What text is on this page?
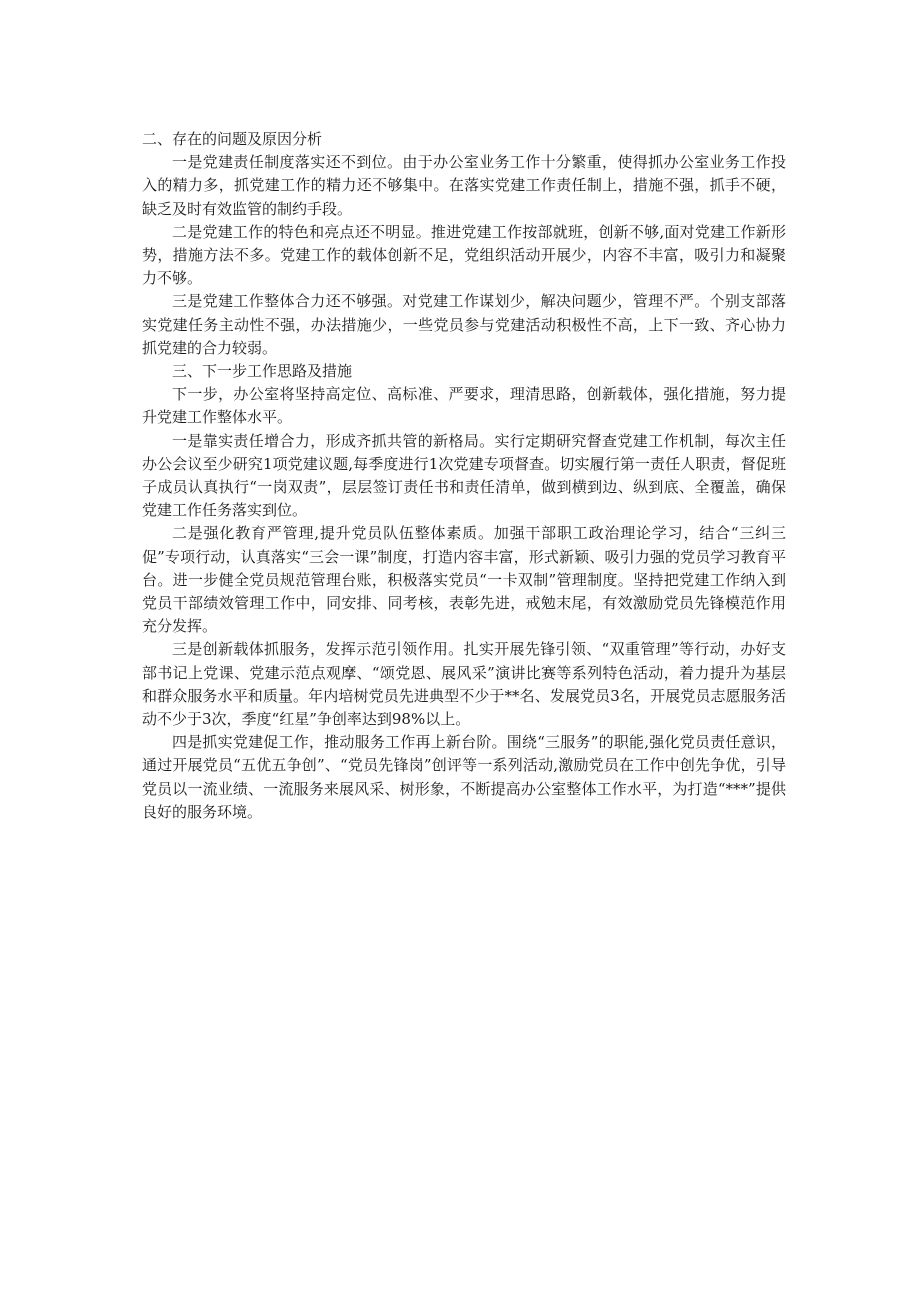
二、存在的问题及原因分析

一是党建责任制度落实还不到位。由于办公室业务工作十分繁重，使得抓办公室业务工作投入的精力多，抓党建工作的精力还不够集中。在落实党建工作责任制上，措施不强，抓手不硬，缺乏及时有效监管的制约手段。

二是党建工作的特色和亮点还不明显。推进党建工作按部就班，创新不够,面对党建工作新形势，措施方法不多。党建工作的载体创新不足，党组织活动开展少，内容不丰富，吸引力和凝聚力不够。

三是党建工作整体合力还不够强。对党建工作谋划少，解决问题少，管理不严。个别支部落实党建任务主动性不强，办法措施少，一些党员参与党建活动积极性不高，上下一致、齐心协力抓党建的合力较弱。

三、下一步工作思路及措施

下一步，办公室将坚持高定位、高标准、严要求，理清思路，创新载体，强化措施，努力提升党建工作整体水平。

一是靠实责任增合力，形成齐抓共管的新格局。实行定期研究督查党建工作机制，每次主任办公会议至少研究1项党建议题,每季度进行1次党建专项督查。切实履行第一责任人职责，督促班子成员认真执行“一岗双责”，层层签订责任书和责任清单，做到横到边、纵到底、全覆盖，确保党建工作任务落实到位。

二是强化教育严管理,提升党员队伍整体素质。加强干部职工政治理论学习，结合“三纠三促”专项行动，认真落实“三会一课”制度，打造内容丰富，形式新颖、吸引力强的党员学习教育平台。进一步健全党员规范管理台账，积极落实党员“一卡双制”管理制度。坚持把党建工作纳入到党员干部绩效管理工作中，同安排、同考核，表彰先进，戒勉末尾，有效激励党员先锋模范作用充分发挥。

三是创新载体抓服务，发挥示范引领作用。扎实开展先锋引领、“双重管理”等行动，办好支部书记上党课、党建示范点观摩、“颂党恩、展风采”演讲比赛等系列特色活动，着力提升为基层和群众服务水平和质量。年内培树党员先进典型不少于**名、发展党员3名，开展党员志愿服务活动不少于3次，季度“红星”争创率达到98%以上。

四是抓实党建促工作，推动服务工作再上新台阶。围绕“三服务”的职能,强化党员责任意识，通过开展党员“五优五争创”、“党员先锋岗”创评等一系列活动,激励党员在工作中创先争优，引导党员以一流业绩、一流服务来展风采、树形象，不断提高办公室整体工作水平，为打造“***”提供良好的服务环境。
